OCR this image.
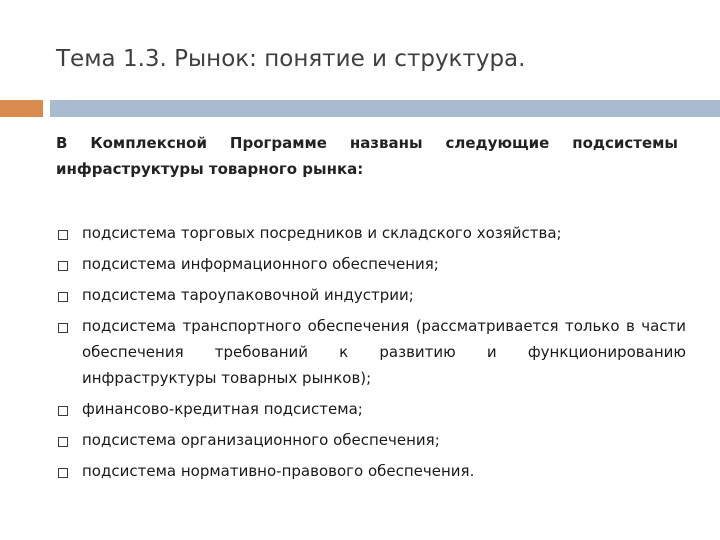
Тема 1.3. Рынок: понятие и структура.
В Комплексной Программе названы следующие подсистемы инфраструктуры товарного рынка:
подсистема торговых посредников и складского хозяйства;
подсистема информационного обеспечения;
подсистема тароупаковочной индустрии;
подсистема транспортного обеспечения (рассматривается только в части обеспечения требований к развитию и функционированию инфраструктуры товарных рынков);
финансово-кредитная подсистема;
подсистема организационного обеспечения;
подсистема нормативно-правового обеспечения.
